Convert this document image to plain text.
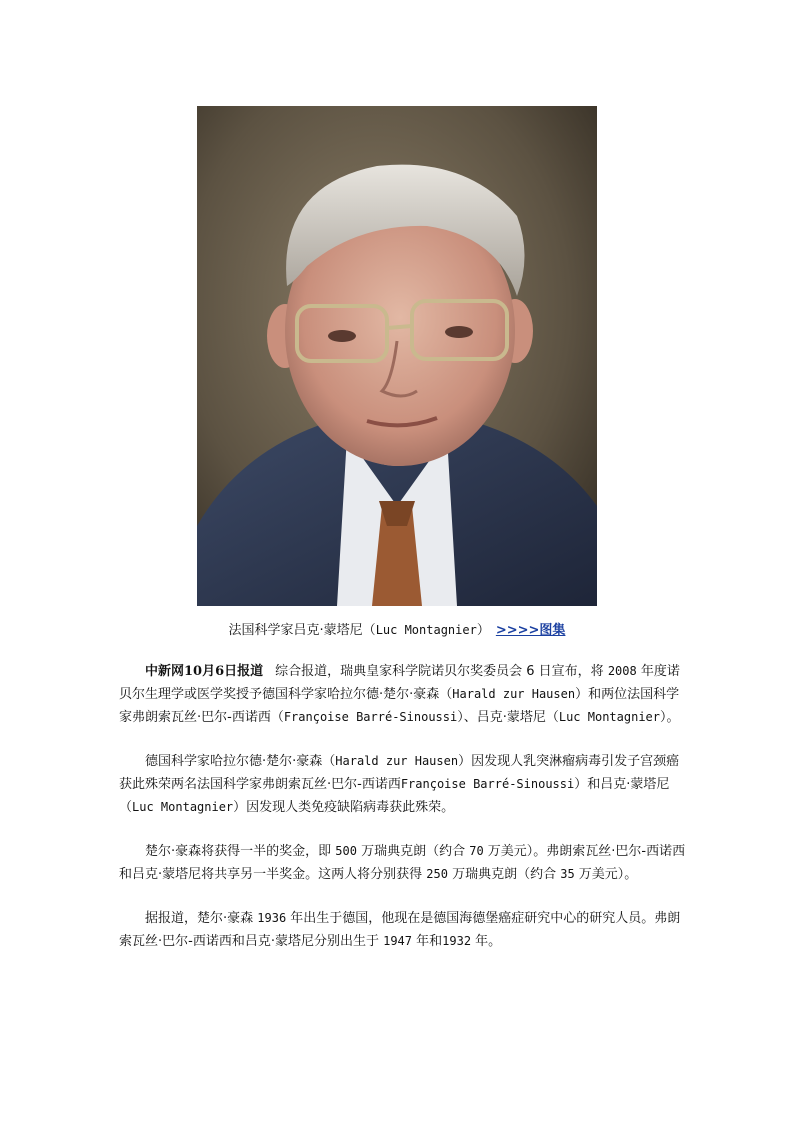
法国科学家吕克·蒙塔尼（Luc Montagnier） >>>>图集

中新网10月6日报道 综合报道，瑞典皇家科学院诺贝尔奖委员会 6 日宣布，将 2008 年度诺贝尔生理学或医学奖授予德国科学家哈拉尔德·楚尔·豪森（Harald zur Hausen）和两位法国科学家弗朗索瓦丝·巴尔-西诺西（Françoise Barré-Sinoussi）、吕克·蒙塔尼（Luc Montagnier）。

德国科学家哈拉尔德·楚尔·豪森（Harald zur Hausen）因发现人乳突淋瘤病毒引发子宫颈癌获此殊荣两名法国科学家弗朗索瓦丝·巴尔-西诺西Françoise Barré-Sinoussi）和吕克·蒙塔尼（Luc Montagnier）因发现人类免疫缺陷病毒获此殊荣。

楚尔·豪森将获得一半的奖金，即 500 万瑞典克朗（约合 70 万美元）。弗朗索瓦丝·巴尔-西诺西和吕克·蒙塔尼将共享另一半奖金。这两人将分别获得 250 万瑞典克朗（约合 35 万美元）。

据报道，楚尔·豪森 1936 年出生于德国，他现在是德国海德堡癌症研究中心的研究人员。弗朗索瓦丝·巴尔-西诺西和吕克·蒙塔尼分别出生于 1947 年和1932 年。
